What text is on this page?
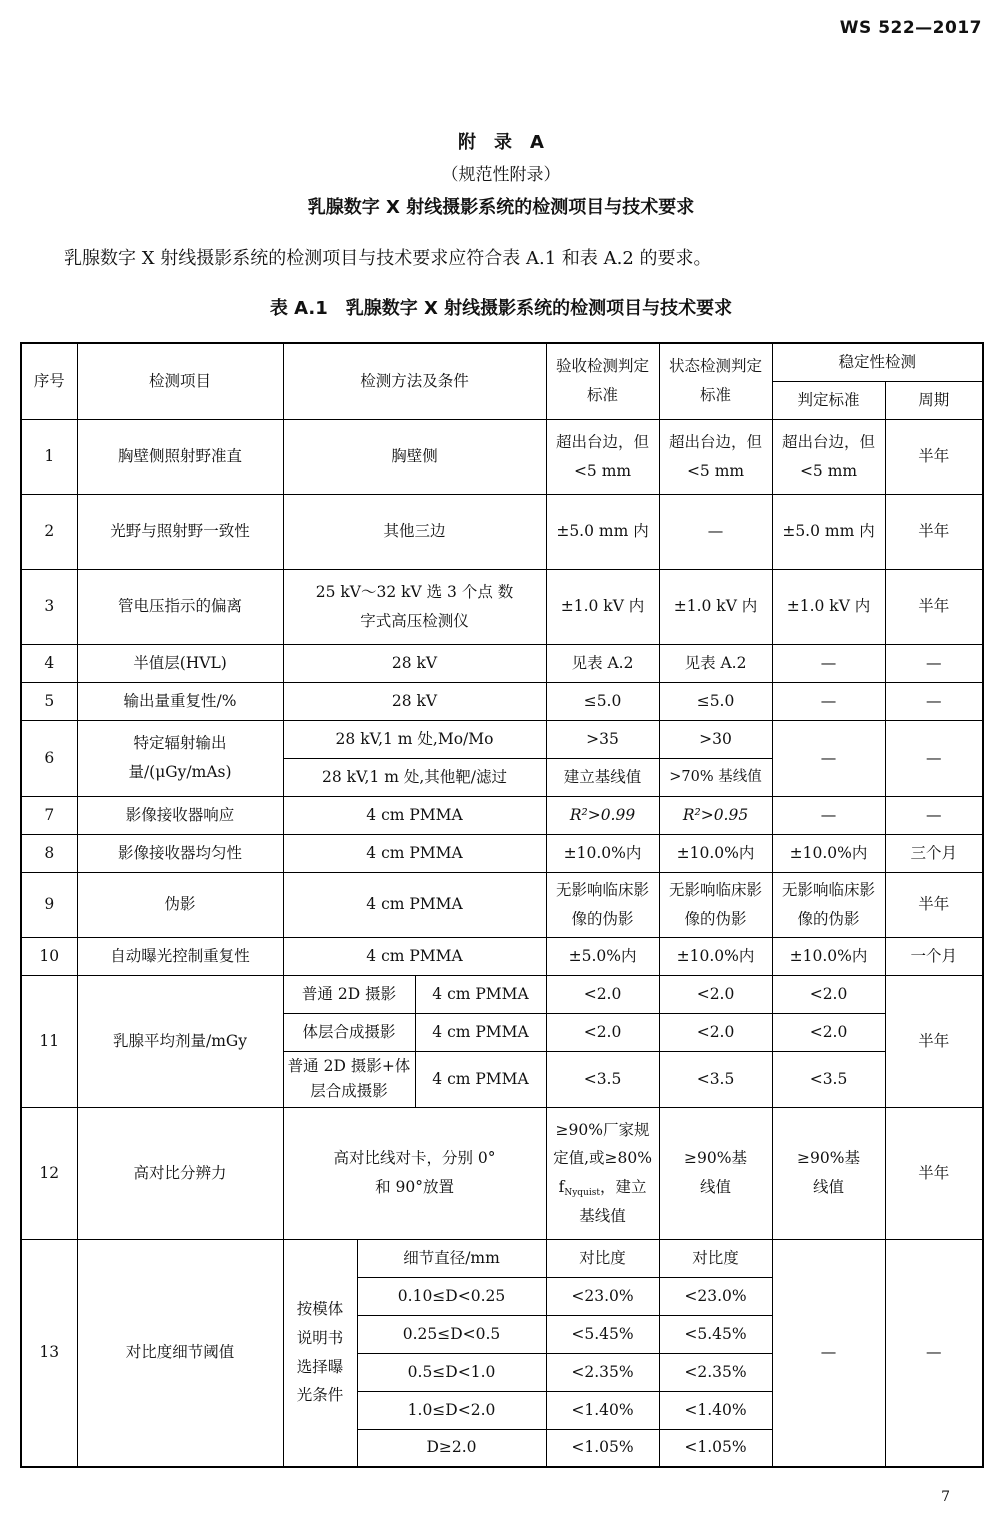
WS 522—2017
附　录　A
（规范性附录）
乳腺数字 X 射线摄影系统的检测项目与技术要求
乳腺数字 X 射线摄影系统的检测项目与技术要求应符合表 A.1 和表 A.2 的要求。
表 A.1　乳腺数字 X 射线摄影系统的检测项目与技术要求
序号	检测项目	检测方法及条件			验收检测判定标准	状态检测判定标准	稳定性检测	
							判定标准	周期
1	胸壁侧照射野准直	胸壁侧			超出台边，但<5 mm	超出台边，但<5 mm	超出台边，但<5 mm	半年
2	光野与照射野一致性	其他三边			±5.0 mm 内	—	±5.0 mm 内	半年
3	管电压指示的偏离	25 kV～32 kV 选 3 个点 数字式高压检测仪			±1.0 kV 内	±1.0 kV 内	±1.0 kV 内	半年
4	半值层(HVL)	28 kV			见表 A.2	见表 A.2	—	—
5	输出量重复性/%	28 kV			≤5.0	≤5.0	—	—
6	特定辐射输出量/(μGy/mAs)	28 kV,1 m 处,Mo/Mo			>35	>30	—	—
		28 kV,1 m 处,其他靶/滤过			建立基线值	>70% 基线值		
7	影像接收器响应	4 cm PMMA			R²>0.99	R²>0.95	—	—
8	影像接收器均匀性	4 cm PMMA			±10.0%内	±10.0%内	±10.0%内	三个月
9	伪影	4 cm PMMA			无影响临床影像的伪影	无影响临床影像的伪影	无影响临床影像的伪影	半年
10	自动曝光控制重复性	4 cm PMMA			±5.0%内	±10.0%内	±10.0%内	一个月
11	乳腺平均剂量/mGy	普通 2D 摄影		4 cm PMMA	<2.0	<2.0	<2.0	半年
		体层合成摄影		4 cm PMMA	<2.0	<2.0	<2.0	
		普通 2D 摄影+体层合成摄影		4 cm PMMA	<3.5	<3.5	<3.5	
12	高对比分辨力	高对比线对卡，分别 0°和 90°放置			≥90%厂家规定值,或≥80% $f_{Nyquist}$，建立基线值	≥90%基线值	≥90%基线值	半年
13	对比度细节阈值	按模体说明书选择曝光条件	细节直径/mm		对比度	对比度	—	—
			0.10≤D<0.25		<23.0%	<23.0%		
			0.25≤D<0.5		<5.45%	<5.45%		
			0.5≤D<1.0		<2.35%	<2.35%		
			1.0≤D<2.0		<1.40%	<1.40%		
			D≥2.0		<1.05%	<1.05%		
7
